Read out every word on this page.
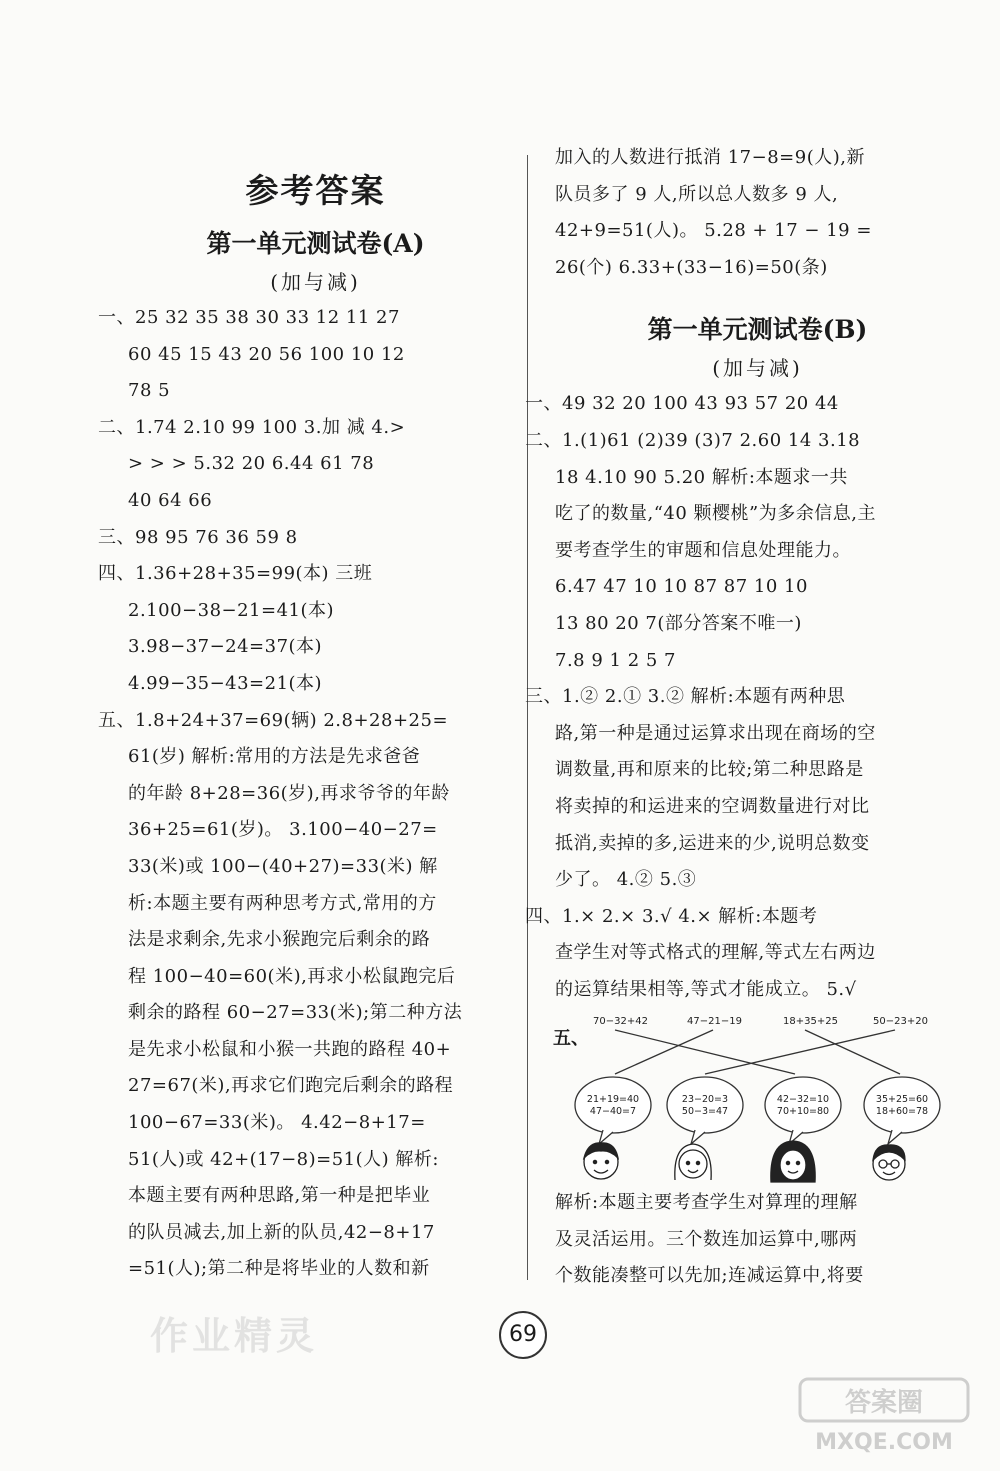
参考答案
第一单元测试卷(A)
(加与减)
一、25 32 35 38 30 33 12 11 27
60 45 15 43 20 56 100 10 12
78 5
二、1.74 2.10 99 100 3.加 减 4.>
> > > 5.32 20 6.44 61 78
40 64 66
三、98 95 76 36 59 8
四、1.36+28+35=99(本) 三班
2.100−38−21=41(本)
3.98−37−24=37(本)
4.99−35−43=21(本)
五、1.8+24+37=69(辆) 2.8+28+25=
61(岁) 解析:常用的方法是先求爸爸
的年龄 8+28=36(岁),再求爷爷的年龄
36+25=61(岁)。 3.100−40−27=
33(米)或 100−(40+27)=33(米) 解
析:本题主要有两种思考方式,常用的方
法是求剩余,先求小猴跑完后剩余的路
程 100−40=60(米),再求小松鼠跑完后
剩余的路程 60−27=33(米);第二种方法
是先求小松鼠和小猴一共跑的路程 40+
27=67(米),再求它们跑完后剩余的路程
100−67=33(米)。 4.42−8+17=
51(人)或 42+(17−8)=51(人) 解析:
本题主要有两种思路,第一种是把毕业
的队员减去,加上新的队员,42−8+17
=51(人);第二种是将毕业的人数和新
加入的人数进行抵消 17−8=9(人),新
队员多了 9 人,所以总人数多 9 人,
42+9=51(人)。 5.28 + 17 − 19 =
26(个) 6.33+(33−16)=50(条)
第一单元测试卷(B)
(加与减)
一、49 32 20 100 43 93 57 20 44
二、1.(1)61 (2)39 (3)7 2.60 14 3.18
18 4.10 90 5.20 解析:本题求一共
吃了的数量,“40 颗樱桃”为多余信息,主
要考查学生的审题和信息处理能力。
6.47 47 10 10 87 87 10 10
13 80 20 7(部分答案不唯一)
7.8 9 1 2 5 7
三、1.② 2.① 3.② 解析:本题有两种思
路,第一种是通过运算求出现在商场的空
调数量,再和原来的比较;第二种思路是
将卖掉的和运进来的空调数量进行对比
抵消,卖掉的多,运进来的少,说明总数变
少了。 4.② 5.③
四、1.× 2.× 3.√ 4.× 解析:本题考
查学生对等式格式的理解,等式左右两边
的运算结果相等,等式才能成立。 5.√
五、
70−32+42	47−21−19	18+35+25	50−23+20
21+19=40
47−40=7
23−20=3
50−3=47
42−32=10
70+10=80
35+25=60
18+60=78
解析:本题主要考查学生对算理的理解
及灵活运用。三个数连加运算中,哪两
个数能凑整可以先加;连减运算中,将要
作业精灵	69
答案圈
MXQE.COM
